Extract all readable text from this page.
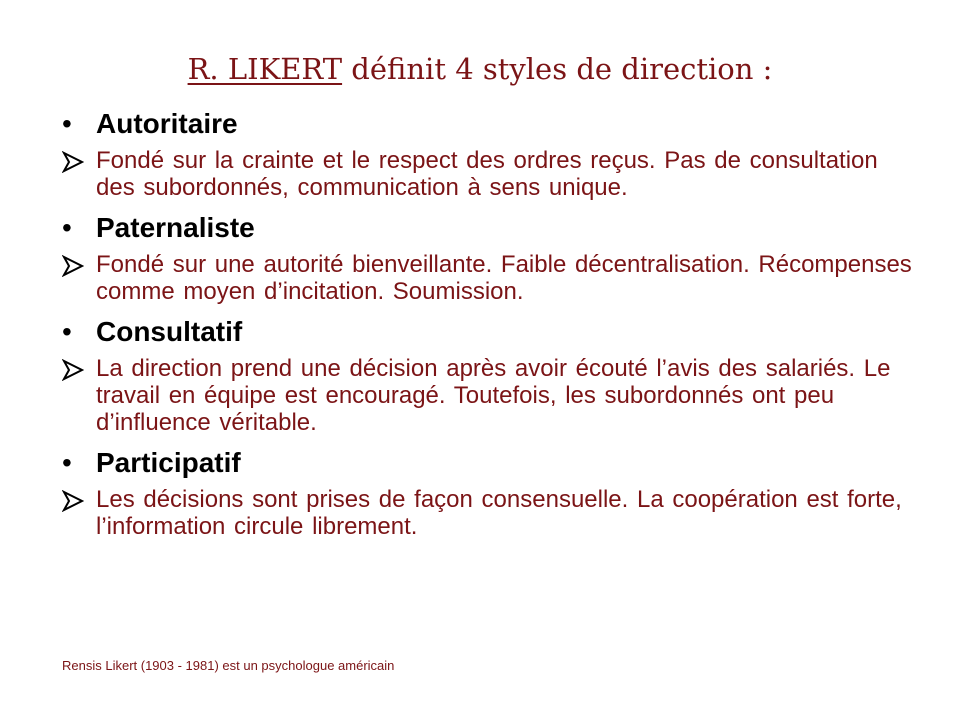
R. LIKERT définit 4 styles de direction :
• Autoritaire
Fondé sur la crainte et le respect des ordres reçus. Pas de consultation des subordonnés, communication à sens unique.
• Paternaliste
Fondé sur une autorité bienveillante. Faible décentralisation. Récompenses comme moyen d’incitation. Soumission.
• Consultatif
La direction prend une décision après avoir écouté l’avis des salariés. Le travail en équipe est encouragé. Toutefois, les subordonnés ont peu d’influence véritable.
• Participatif
Les décisions sont prises de façon consensuelle. La coopération est forte, l’information circule librement.
Rensis Likert (1903 - 1981) est un psychologue américain
